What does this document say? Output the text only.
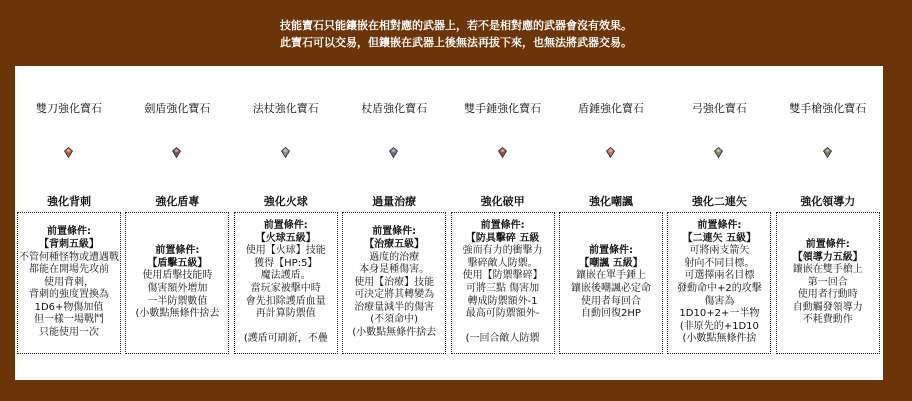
技能寶石只能鑲嵌在相對應的武器上，若不是相對應的武器會沒有效果。
此寶石可以交易，但鑲嵌在武器上後無法再拔下來，也無法將武器交易。
雙刀強化寶石
強化背刺
前置條件:
【背刺五級】
不管何種怪物或遭遇戰
都能在開場先攻前
使用背刺，
背刺的強度置換為
1D6+物傷加值
但一樣一場戰鬥
只能使用一次
劍盾強化寶石
強化盾專
前置條件:
【盾擊五級】
使用盾擊技能時
傷害額外增加
一半防禦數值
(小數點無條件捨去
法杖強化寶石
強化火球
前置條件:
【火球五級】
使用【火球】技能
獲得【HP:5】
魔法護盾。
當玩家被擊中時
會先扣除護盾血量
再計算防禦值
(護盾可刷新，不疊
杖盾強化寶石
過量治療
前置條件:
【治療五級】
過度的治療
本身是種傷害。
使用【治療】技能
可決定將其轉變為
治療量減半的傷害
(不須命中)
(小數點無條件捨去
雙手錘強化寶石
強化破甲
前置條件:
【防具擊碎 五級
強而有力的衝擊力
擊碎敵人防禦。
使用【防禦擊碎】
可將三點 傷害加
轉成防禦額外-1
最高可防禦額外-
(一回合敵人防禦
盾錘強化寶石
強化嘲諷
前置條件:
【嘲諷 五級】
鑲嵌在單手錘上
鑲嵌後嘲諷必定命
使用者每回合
自動回復2HP
弓強化寶石
強化二連矢
前置條件:
【二連矢 五級】
可將兩支箭矢
射向不同目標。
可選擇兩名目標
發動命中+2的攻擊
傷害為
1D10+2+一半物
(非原先的+1D10
(小數點無條件捨
雙手槍強化寶石
強化領導力
前置條件:
【領導力五級】
鑲嵌在雙手槍上
第一回合
使用者行動時
自動觸發領導力
不耗費動作
